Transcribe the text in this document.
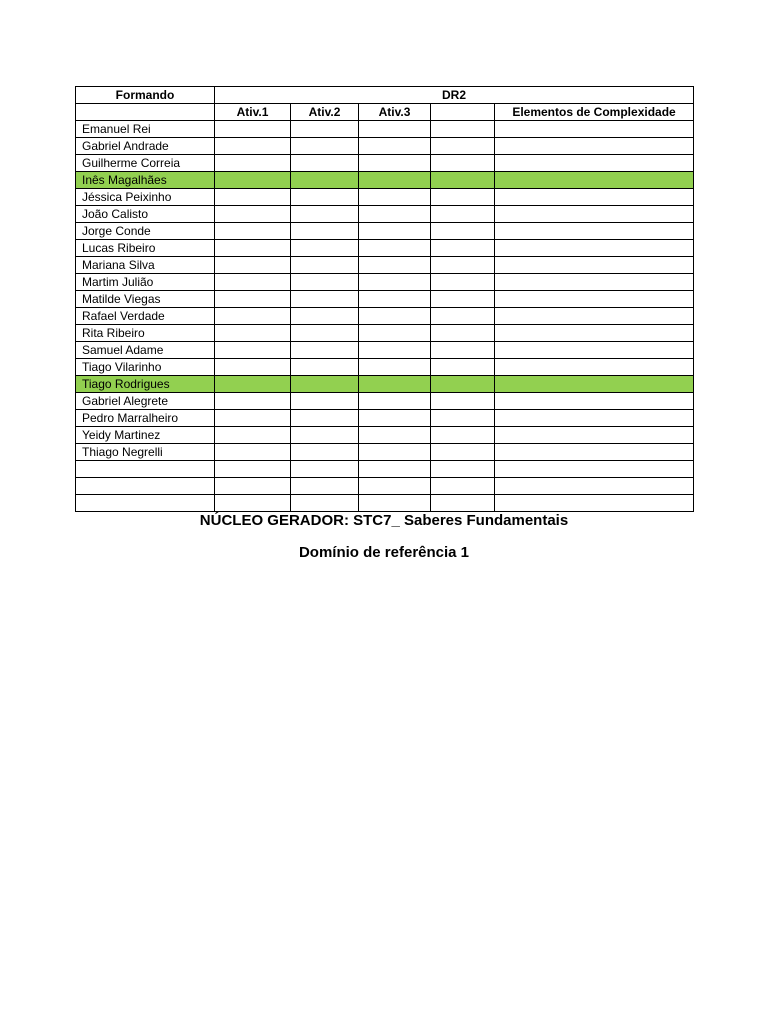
Formando	DR2				
	Ativ.1	Ativ.2	Ativ.3		Elementos de Complexidade
Emanuel Rei					
Gabriel Andrade					
Guilherme Correia					
Inês Magalhães					
Jéssica Peixinho					
João Calisto					
Jorge Conde					
Lucas Ribeiro					
Mariana Silva					
Martim Julião					
Matilde Viegas					
Rafael Verdade					
Rita Ribeiro					
Samuel Adame					
Tiago Vilarinho					
Tiago Rodrigues					
Gabriel Alegrete					
Pedro Marralheiro					
Yeidy Martinez					
Thiago Negrelli					

NÚCLEO GERADOR: STC7_ Saberes Fundamentais
Domínio de referência 1
